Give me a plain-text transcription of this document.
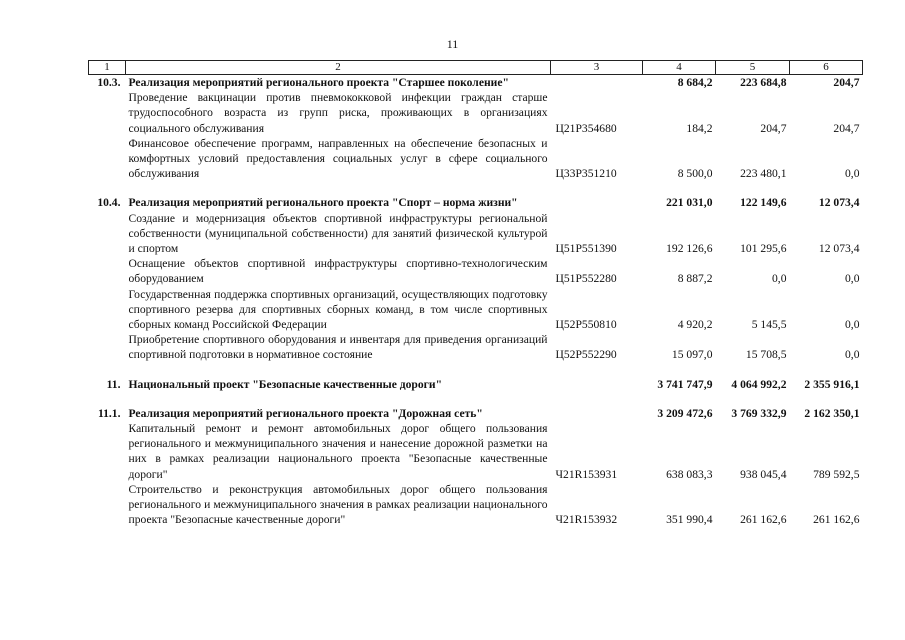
11
1	2	3	4	5	6
10.3.	Реализация мероприятий регионального проекта "Старшее поколение"		8 684,2	223 684,8	204,7
	Проведение вакцинации против пневмококковой инфекции граждан старше трудоспособного возраста из групп риска, проживающих в организациях социального обслуживания	Ц21Р354680	184,2	204,7	204,7
	Финансовое обеспечение программ, направленных на обеспечение безопасных и комфортных условий предоставления социальных услуг в сфере социального обслуживания	Ц33Р351210	8 500,0	223 480,1	0,0

10.4.	Реализация мероприятий регионального проекта "Спорт – норма жизни"		221 031,0	122 149,6	12 073,4
	Создание и модернизация объектов спортивной инфраструктуры региональной собственности (муниципальной собственности) для занятий физической культурой и спортом	Ц51Р551390	192 126,6	101 295,6	12 073,4
	Оснащение объектов спортивной инфраструктуры спортивно-технологическим оборудованием	Ц51Р552280	8 887,2	0,0	0,0
	Государственная поддержка спортивных организаций, осуществляющих подготовку спортивного резерва для спортивных сборных команд, в том числе спортивных сборных команд Российской Федерации	Ц52Р550810	4 920,2	5 145,5	0,0
	Приобретение спортивного оборудования и инвентаря для приведения организаций спортивной подготовки в нормативное состояние	Ц52Р552290	15 097,0	15 708,5	0,0

11.	Национальный проект "Безопасные качественные дороги"		3 741 747,9	4 064 992,2	2 355 916,1

11.1.	Реализация мероприятий регионального проекта "Дорожная сеть"		3 209 472,6	3 769 332,9	2 162 350,1
	Капитальный ремонт и ремонт автомобильных дорог общего пользования регионального и межмуниципального значения и нанесение дорожной разметки на них в рамках реализации национального проекта "Безопасные качественные дороги"	Ч21R153931	638 083,3	938 045,4	789 592,5
	Строительство и реконструкция автомобильных дорог общего пользования регионального и межмуниципального значения в рамках реализации национального проекта "Безопасные качественные дороги"	Ч21R153932	351 990,4	261 162,6	261 162,6
